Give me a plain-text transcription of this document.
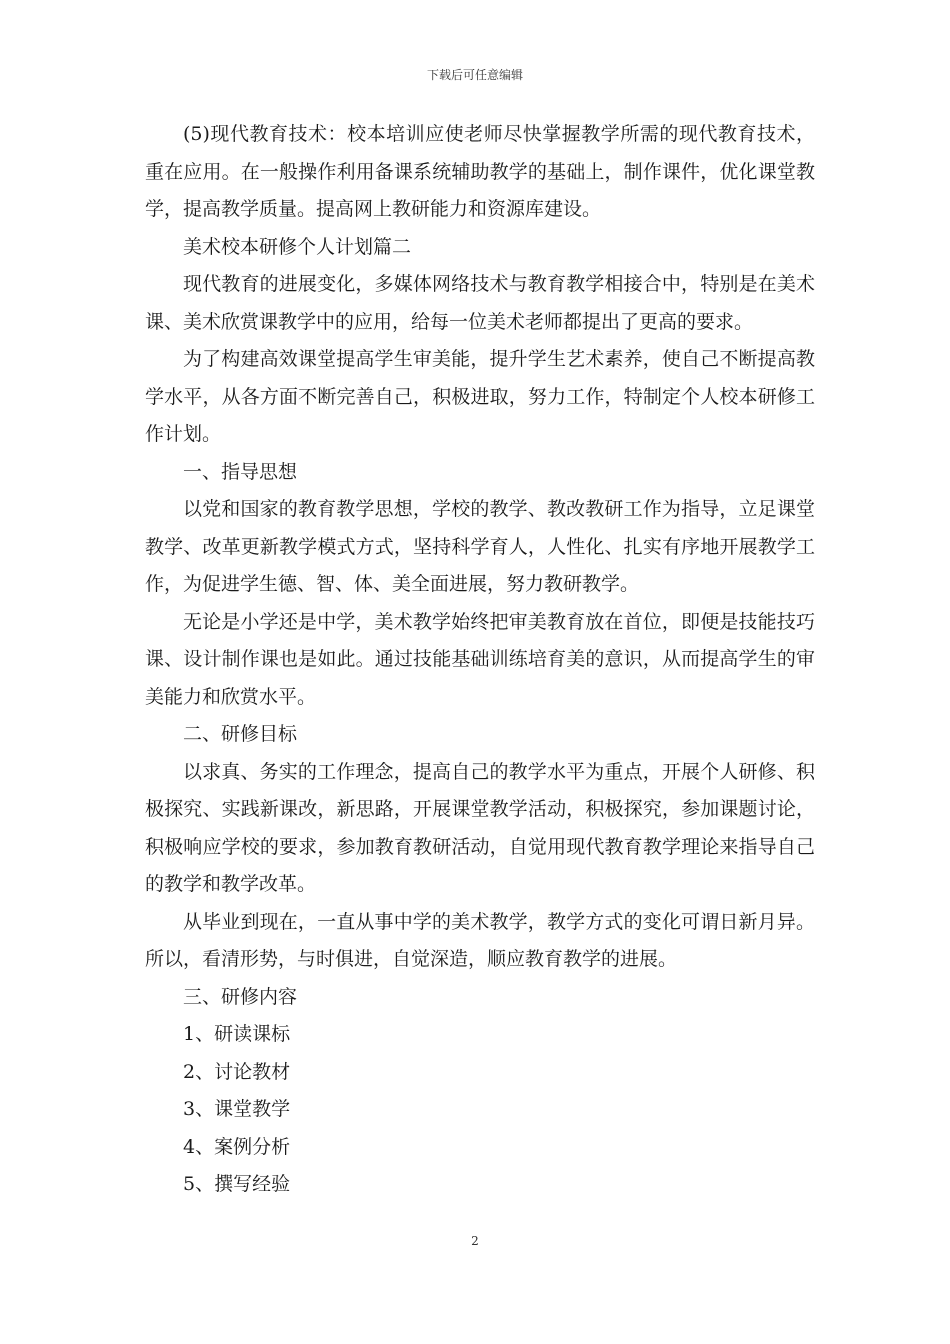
下载后可任意编辑

(5)现代教育技术：校本培训应使老师尽快掌握教学所需的现代教育技术，重在应用。在一般操作利用备课系统辅助教学的基础上，制作课件，优化课堂教学，提高教学质量。提高网上教研能力和资源库建设。

美术校本研修个人计划篇二

现代教育的进展变化，多媒体网络技术与教育教学相接合中，特别是在美术课、美术欣赏课教学中的应用，给每一位美术老师都提出了更高的要求。

为了构建高效课堂提高学生审美能，提升学生艺术素养，使自己不断提高教学水平，从各方面不断完善自己，积极进取，努力工作，特制定个人校本研修工作计划。

一、指导思想

以党和国家的教育教学思想，学校的教学、教改教研工作为指导，立足课堂教学、改革更新教学模式方式，坚持科学育人，人性化、扎实有序地开展教学工作，为促进学生德、智、体、美全面进展，努力教研教学。

无论是小学还是中学，美术教学始终把审美教育放在首位，即便是技能技巧课、设计制作课也是如此。通过技能基础训练培育美的意识，从而提高学生的审美能力和欣赏水平。

二、研修目标

以求真、务实的工作理念，提高自己的教学水平为重点，开展个人研修、积极探究、实践新课改，新思路，开展课堂教学活动，积极探究，参加课题讨论，积极响应学校的要求，参加教育教研活动，自觉用现代教育教学理论来指导自己的教学和教学改革。

从毕业到现在，一直从事中学的美术教学，教学方式的变化可谓日新月异。所以，看清形势，与时俱进，自觉深造，顺应教育教学的进展。

三、研修内容

1、研读课标

2、讨论教材

3、课堂教学

4、案例分析

5、撰写经验

2
